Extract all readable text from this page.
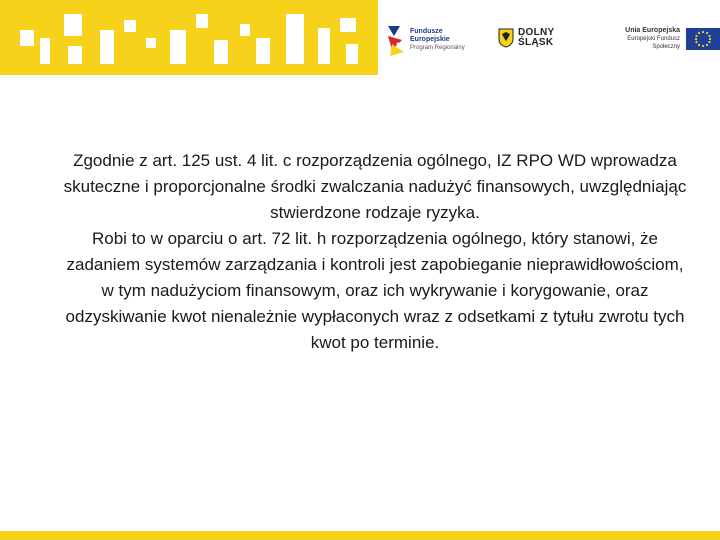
Fundusze
Europejskie
Program Regionalny
DOLNY
ŚLĄSK
Unia Europejska
Europejski Fundusz Społeczny

Zgodnie z art. 125 ust. 4 lit. c rozporządzenia ogólnego, IZ RPO WD wprowadza skuteczne i proporcjonalne środki zwalczania nadużyć finansowych, uwzględniając stwierdzone rodzaje ryzyka.

Robi to w oparciu o art. 72 lit. h rozporządzenia ogólnego, który stanowi, że zadaniem systemów zarządzania i kontroli jest zapobieganie nieprawidłowościom, w tym nadużyciom finansowym, oraz ich wykrywanie i korygowanie, oraz odzyskiwanie kwot nienależnie wypłaconych wraz z odsetkami z tytułu zwrotu tych kwot po terminie.
